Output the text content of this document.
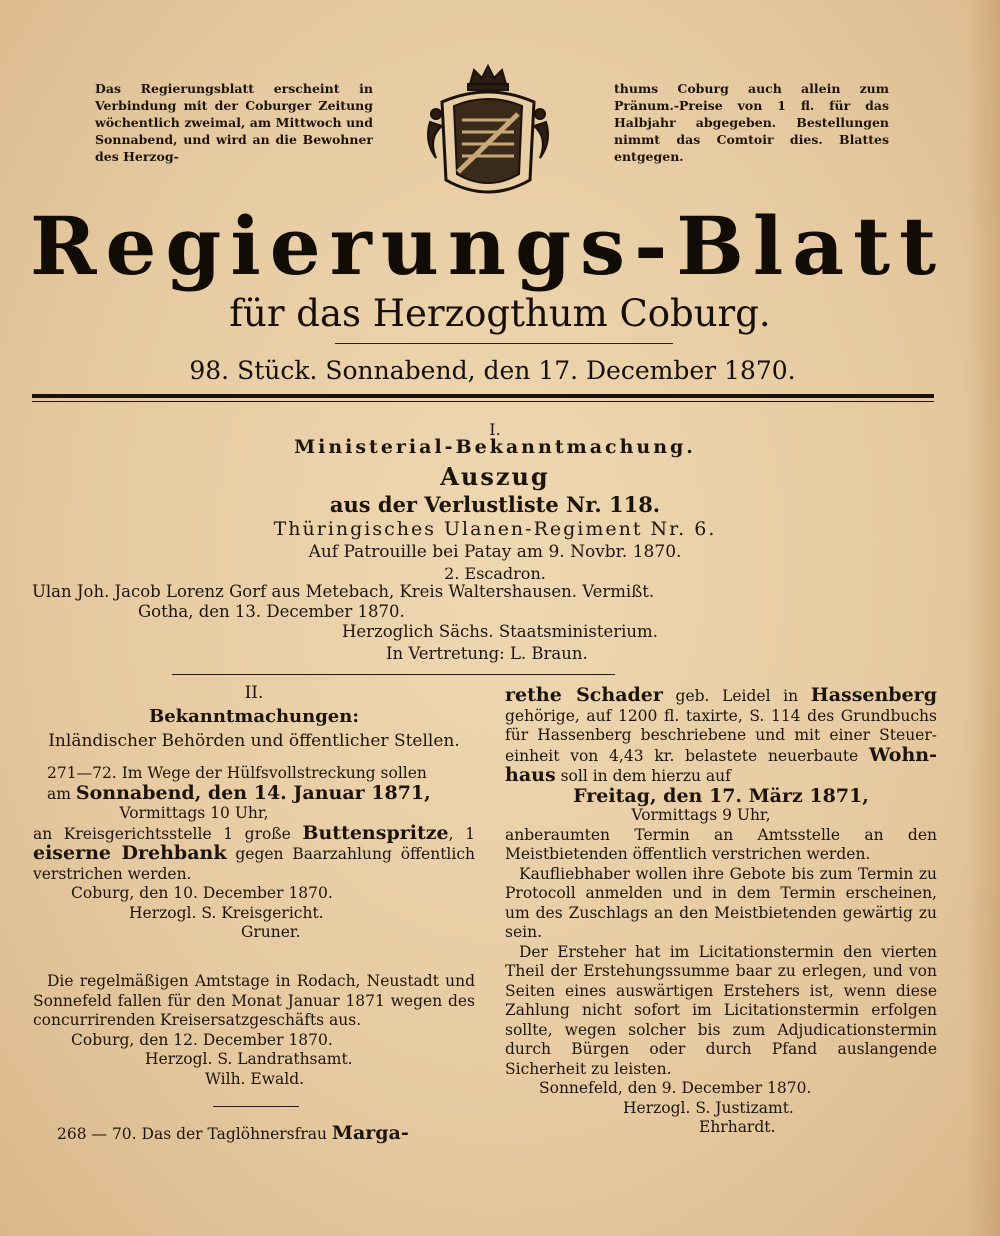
Das Regierungsblatt erscheint in Verbindung mit der Coburger Zeitung wöchentlich zweimal, am Mittwoch und Sonnabend, und wird an die Bewohner des Herzog-
thums Coburg auch allein zum Pränum.-Preise von 1 fl. für das Halbjahr abgegeben. Bestellungen nimmt das Comtoir dies. Blattes entgegen.
Regierungs-Blatt
für das Herzogthum Coburg.
98. Stück. Sonnabend, den 17. December 1870.
I.
Ministerial-Bekanntmachung.
Auszug
aus der Verlustliste Nr. 118.
Thüringisches Ulanen-Regiment Nr. 6.
Auf Patrouille bei Patay am 9. Novbr. 1870.
2. Escadron.
Ulan Joh. Jacob Lorenz Gorf aus Metebach, Kreis Waltershausen. Vermißt.
Gotha, den 13. December 1870.
Herzoglich Sächs. Staatsministerium.
In Vertretung: L. Braun.
II.
Bekanntmachungen:
Inländischer Behörden und öffentlicher Stellen.
271—72. Im Wege der Hülfsvollstreckung sollen
am Sonnabend, den 14. Januar 1871,
Vormittags 10 Uhr,
an Kreisgerichtsstelle 1 große Buttenspritze, 1 eiserne Drehbank gegen Baarzahlung öffentlich verstrichen werden.
Coburg, den 10. December 1870.
Herzogl. S. Kreisgericht.
Gruner.
Die regelmäßigen Amtstage in Rodach, Neustadt und Sonnefeld fallen für den Monat Januar 1871 wegen des concurrirenden Kreisersatzgeschäfts aus.
Coburg, den 12. December 1870.
Herzogl. S. Landrathsamt.
Wilh. Ewald.
268 — 70. Das der Taglöhnersfrau Marga-
rethe Schader geb. Leidel in Hassenberg gehörige, auf 1200 fl. taxirte, S. 114 des Grundbuchs für Hassenberg beschriebene und mit einer Steuer-einheit von 4,43 kr. belastete neuerbaute Wohn-haus soll in dem hierzu auf
Freitag, den 17. März 1871,
Vormittags 9 Uhr,
anberaumten Termin an Amtsstelle an den Meistbietenden öffentlich verstrichen werden.
Kaufliebhaber wollen ihre Gebote bis zum Termin zu Protocoll anmelden und in dem Termin erscheinen, um des Zuschlags an den Meistbietenden gewärtig zu sein.
Der Ersteher hat im Licitationstermin den vierten Theil der Erstehungssumme baar zu erlegen, und von Seiten eines auswärtigen Erstehers ist, wenn diese Zahlung nicht sofort im Licitationstermin erfolgen sollte, wegen solcher bis zum Adjudicationstermin durch Bürgen oder durch Pfand auslangende Sicherheit zu leisten.
Sonnefeld, den 9. December 1870.
Herzogl. S. Justizamt.
Ehrhardt.
